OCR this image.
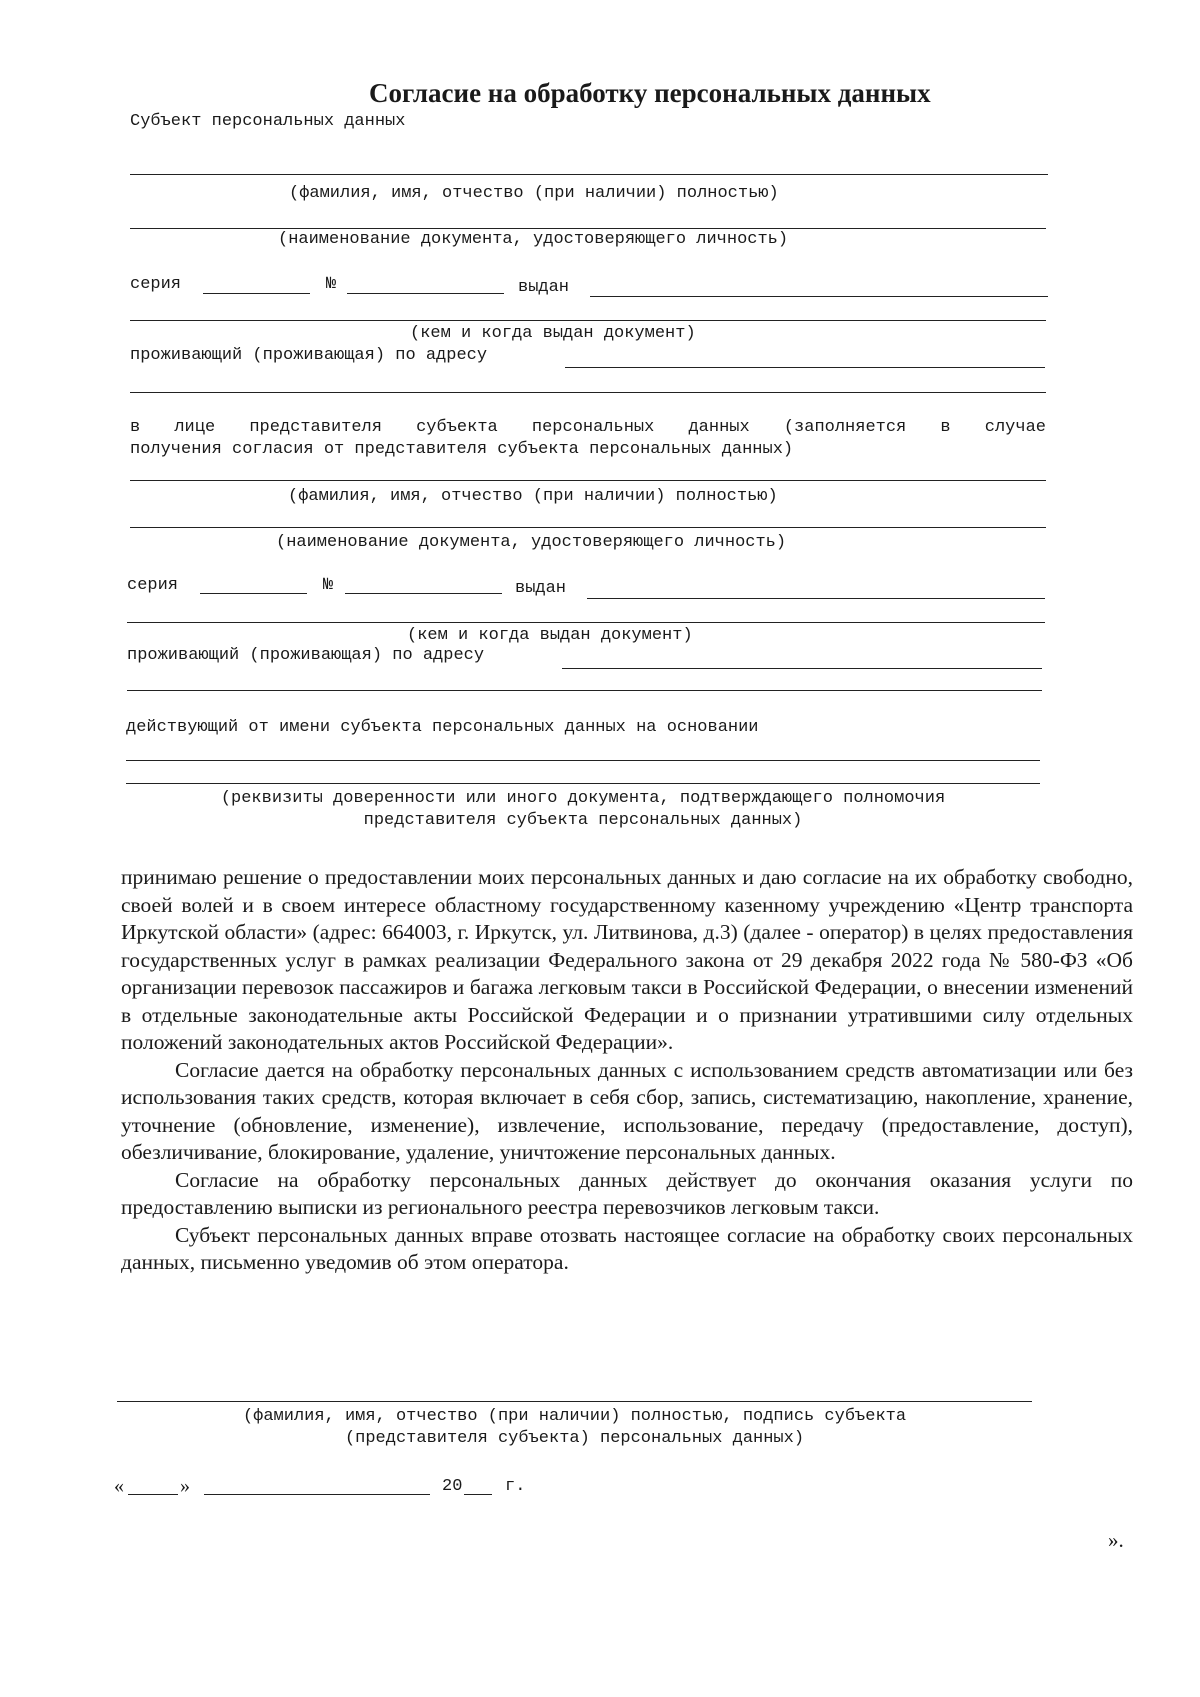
Согласие на обработку персональных данных
Субъект персональных данных
(фамилия, имя, отчество (при наличии) полностью)
(наименование документа, удостоверяющего личность)
серия	№	выдан
(кем и когда выдан документ)
проживающий (проживающая) по адресу
в лице представителя субъекта персональных данных (заполняется в случае
получения согласия от представителя субъекта персональных данных)
(фамилия, имя, отчество (при наличии) полностью)
(наименование документа, удостоверяющего личность)
серия	№	выдан
(кем и когда выдан документ)
проживающий (проживающая) по адресу
действующий от имени субъекта персональных данных на основании
(реквизиты доверенности или иного документа, подтверждающего полномочия
представителя субъекта персональных данных)

принимаю решение о предоставлении моих персональных данных и даю согласие на их обработку свободно, своей волей и в своем интересе областному государственному казенному учреждению «Центр транспорта Иркутской области» (адрес: 664003, г. Иркутск, ул. Литвинова, д.3) (далее - оператор) в целях предоставления государственных услуг в рамках реализации Федерального закона от 29 декабря 2022 года № 580-ФЗ «Об организации перевозок пассажиров и багажа легковым такси в Российской Федерации, о внесении изменений в отдельные законодательные акты Российской Федерации и о признании утратившими силу отдельных положений законодательных актов Российской Федерации».

Согласие дается на обработку персональных данных с использованием средств автоматизации или без использования таких средств, которая включает в себя сбор, запись, систематизацию, накопление, хранение, уточнение (обновление, изменение), извлечение, использование, передачу (предоставление, доступ), обезличивание, блокирование, удаление, уничтожение персональных данных.

Согласие на обработку персональных данных действует до окончания оказания услуги по предоставлению выписки из регионального реестра перевозчиков легковым такси.

Субъект персональных данных вправе отозвать настоящее согласие на обработку своих персональных данных, письменно уведомив об этом оператора.

(фамилия, имя, отчество (при наличии) полностью, подпись субъекта
(представителя субъекта) персональных данных)
«	»	20	г.
».
